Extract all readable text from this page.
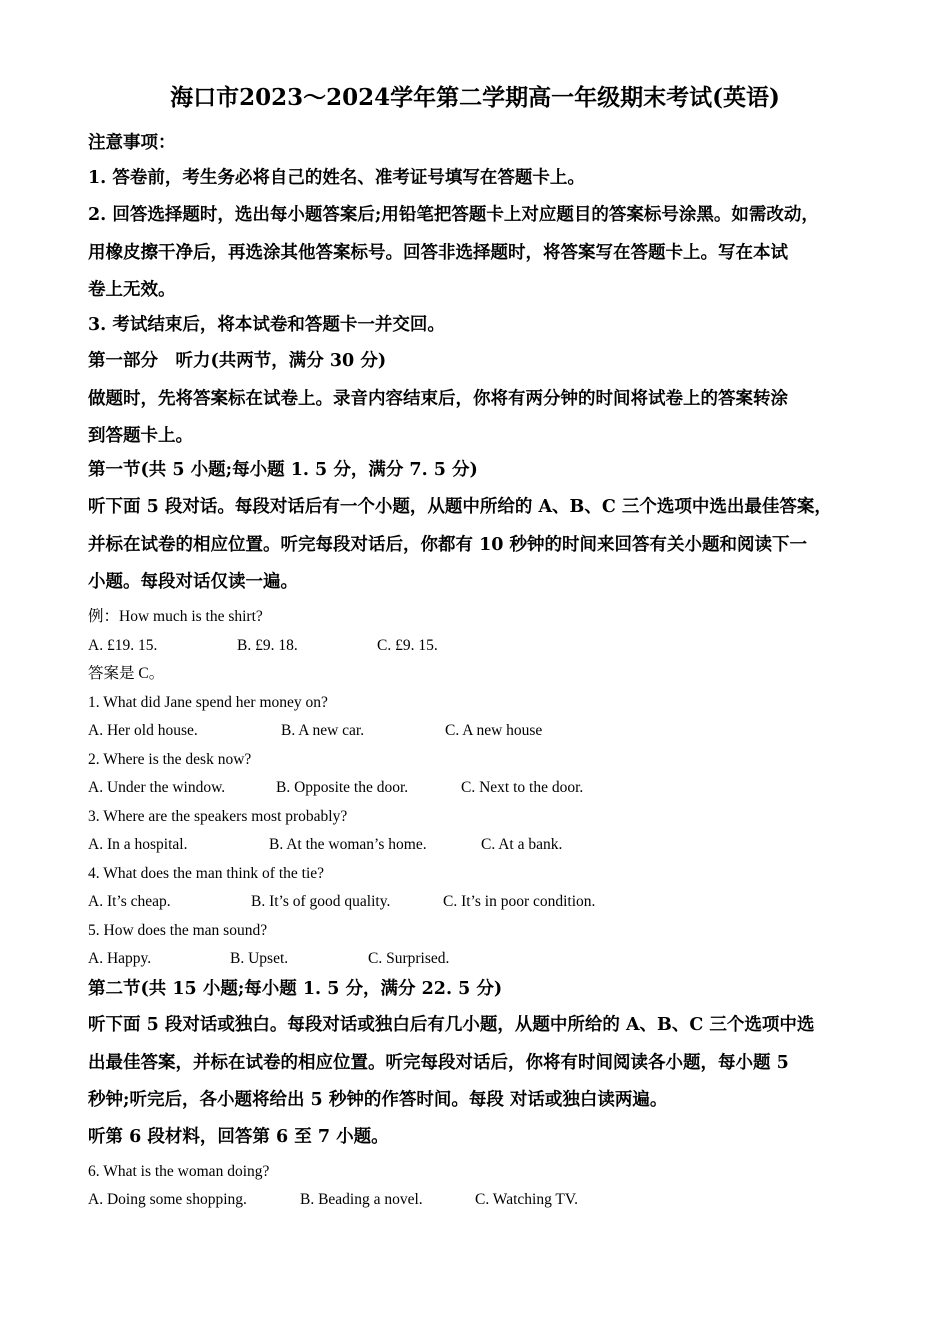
海口市2023～2024学年第二学期高一年级期末考试(英语)
注意事项：
1. 答卷前，考生务必将自己的姓名、准考证号填写在答题卡上。
2. 回答选择题时，选出每小题答案后;用铅笔把答题卡上对应题目的答案标号涂黑。如需改动，
用橡皮擦干净后，再选涂其他答案标号。回答非选择题时，将答案写在答题卡上。写在本试
卷上无效。
3. 考试结束后，将本试卷和答题卡一并交回。
第一部分　听力(共两节，满分 30 分)
做题时，先将答案标在试卷上。录音内容结束后，你将有两分钟的时间将试卷上的答案转涂
到答题卡上。
第一节(共 5 小题;每小题 1. 5 分，满分 7. 5 分)
听下面 5 段对话。每段对话后有一个小题，从题中所给的 A、B、C 三个选项中选出最佳答案，
并标在试卷的相应位置。听完每段对话后，你都有 10 秒钟的时间来回答有关小题和阅读下一
小题。每段对话仅读一遍。
例：How much is the shirt?
A. £19. 15.	B. £9. 18.	C. £9. 15.
答案是 C。
1. What did Jane spend her money on?
A. Her old house.	B. A new car.	C. A new house
2. Where is the desk now?
A. Under the window.	B. Opposite the door.	C. Next to the door.
3. Where are the speakers most probably?
A. In a hospital.	B. At the woman’s home.	C. At a bank.
4. What does the man think of the tie?
A. It’s cheap.	B. It’s of good quality.	C. It’s in poor condition.
5. How does the man sound?
A. Happy.	B. Upset.	C. Surprised.
第二节(共 15 小题;每小题 1. 5 分，满分 22. 5 分)
听下面 5 段对话或独白。每段对话或独白后有几小题，从题中所给的 A、B、C 三个选项中选
出最佳答案，并标在试卷的相应位置。听完每段对话后，你将有时间阅读各小题，每小题 5
秒钟;听完后，各小题将给出 5 秒钟的作答时间。每段 对话或独白读两遍。
听第 6 段材料，回答第 6 至 7 小题。
6. What is the woman doing?
A. Doing some shopping.	B. Beading a novel.	C. Watching TV.
